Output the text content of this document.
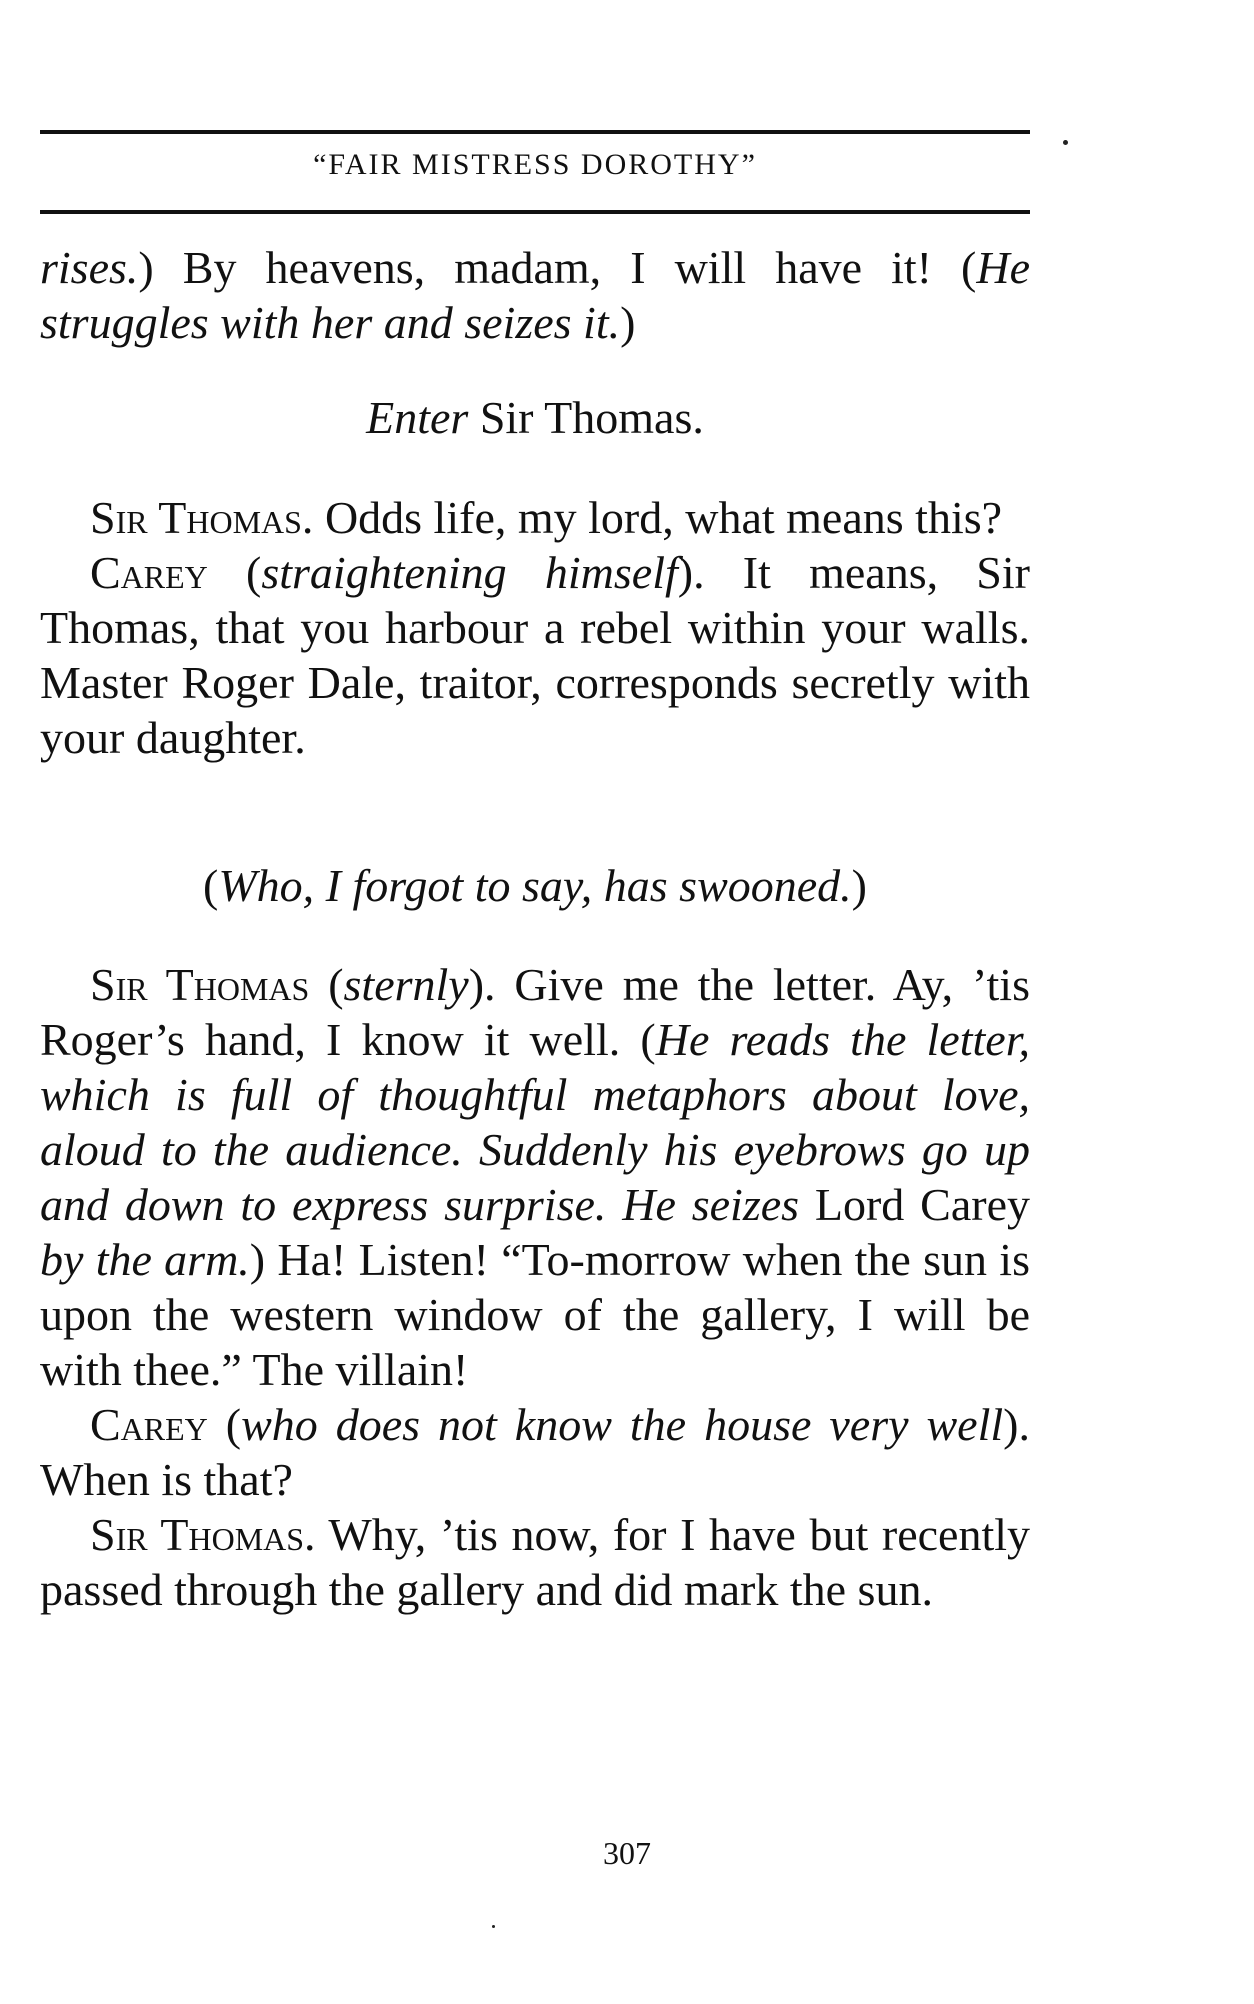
“FAIR MISTRESS DOROTHY”

rises.) By heavens, madam, I will have it! (He struggles with her and seizes it.)

Enter Sir Thomas.

Sir Thomas. Odds life, my lord, what means this?

Carey (straightening himself). It means, Sir Thomas, that you harbour a rebel within your walls. Master Roger Dale, traitor, corresponds secretly with your daughter.

(Who, I forgot to say, has swooned.)

Sir Thomas (sternly). Give me the letter. Ay, ’tis Roger’s hand, I know it well. (He reads the letter, which is full of thoughtful metaphors about love, aloud to the audience. Suddenly his eyebrows go up and down to express surprise. He seizes Lord Carey by the arm.) Ha! Listen! “To-morrow when the sun is upon the western window of the gallery, I will be with thee.” The villain!

Carey (who does not know the house very well). When is that?

Sir Thomas. Why, ’tis now, for I have but recently passed through the gallery and did mark the sun.

307
